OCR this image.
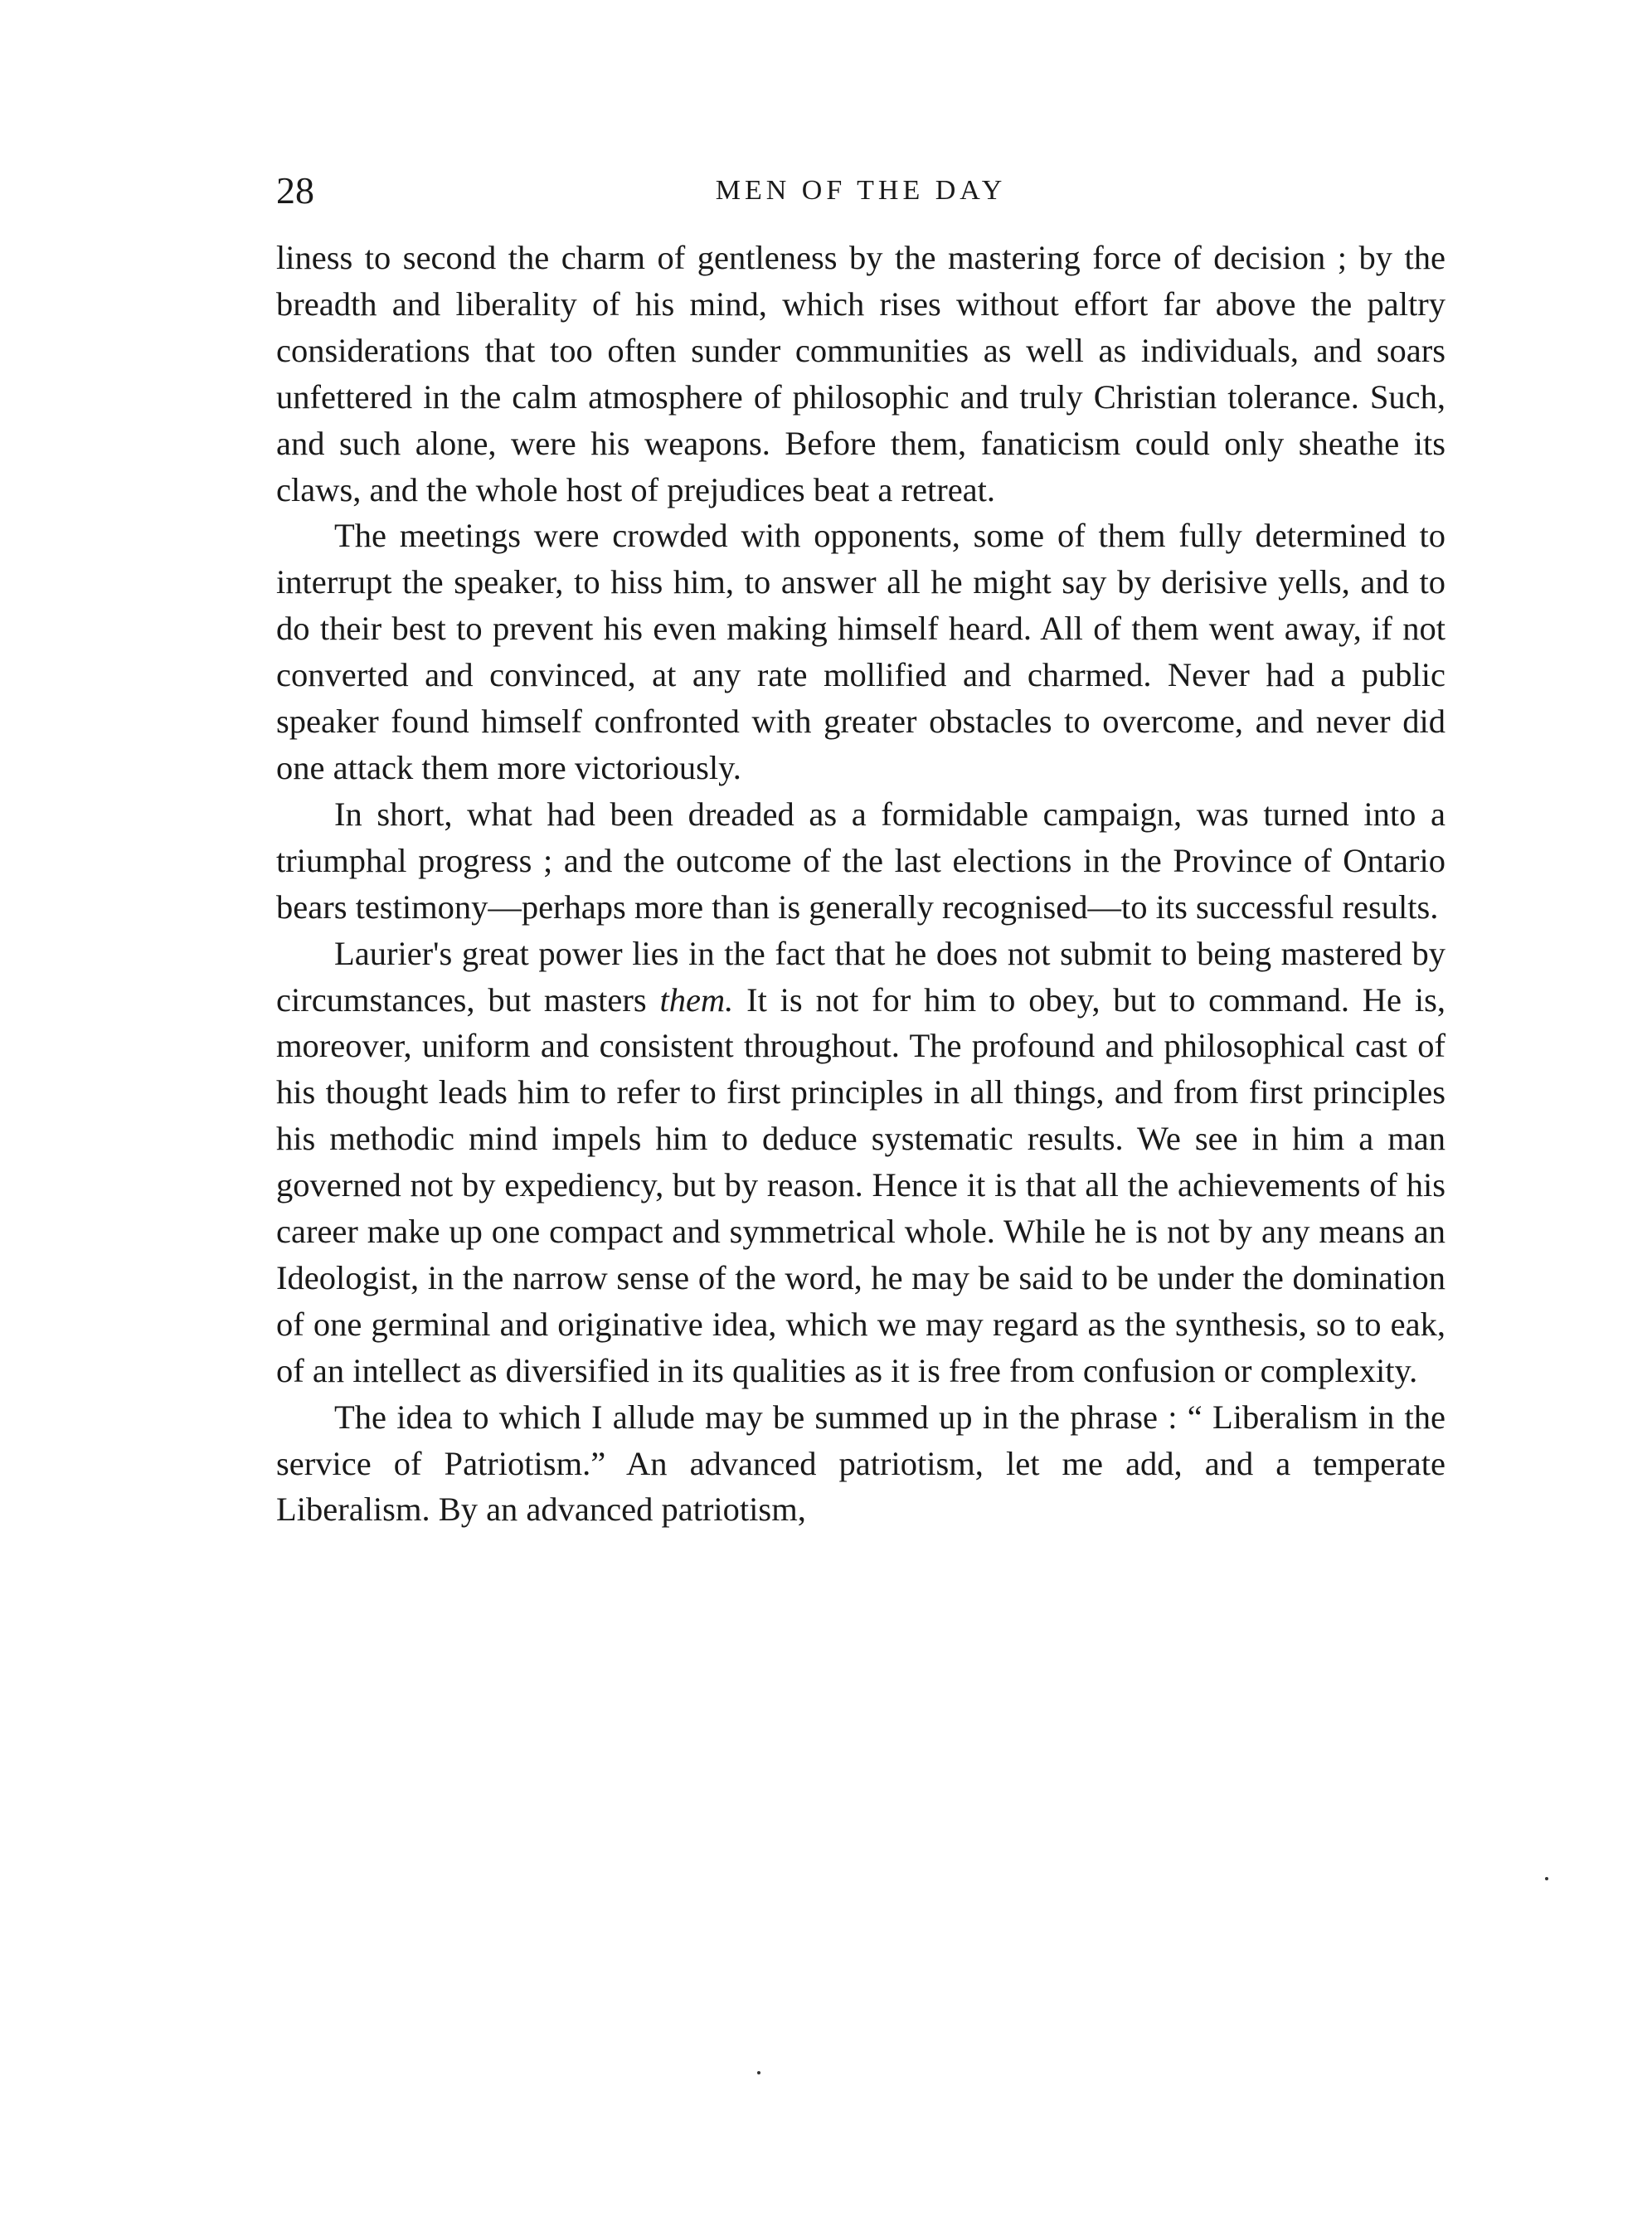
28	MEN OF THE DAY

liness to second the charm of gentleness by the mastering force of decision ; by the breadth and liberality of his mind, which rises without effort far above the paltry considerations that too often sunder communities as well as individuals, and soars unfettered in the calm atmosphere of philosophic and truly Christian tolerance. Such, and such alone, were his weapons. Before them, fanaticism could only sheathe its claws, and the whole host of prejudices beat a retreat.

The meetings were crowded with opponents, some of them fully determined to interrupt the speaker, to hiss him, to answer all he might say by derisive yells, and to do their best to prevent his even making himself heard. All of them went away, if not converted and convinced, at any rate mollified and charmed. Never had a public speaker found himself confronted with greater obstacles to overcome, and never did one attack them more victoriously.

In short, what had been dreaded as a formidable campaign, was turned into a triumphal progress ; and the outcome of the last elections in the Province of Ontario bears testimony—perhaps more than is generally recognised—to its successful results.

Laurier's great power lies in the fact that he does not submit to being mastered by circumstances, but masters them. It is not for him to obey, but to command. He is, moreover, uniform and consistent throughout. The profound and philosophical cast of his thought leads him to refer to first principles in all things, and from first principles his methodic mind impels him to deduce systematic results. We see in him a man governed not by expediency, but by reason. Hence it is that all the achievements of his career make up one compact and symmetrical whole. While he is not by any means an Ideologist, in the narrow sense of the word, he may be said to be under the domination of one germinal and originative idea, which we may regard as the synthesis, so to eak, of an intellect as diversified in its qualities as it is free from confusion or complexity.

The idea to which I allude may be summed up in the phrase : “ Liberalism in the service of Patriotism.” An advanced patriotism, let me add, and a temperate Liberalism. By an advanced patriotism,
